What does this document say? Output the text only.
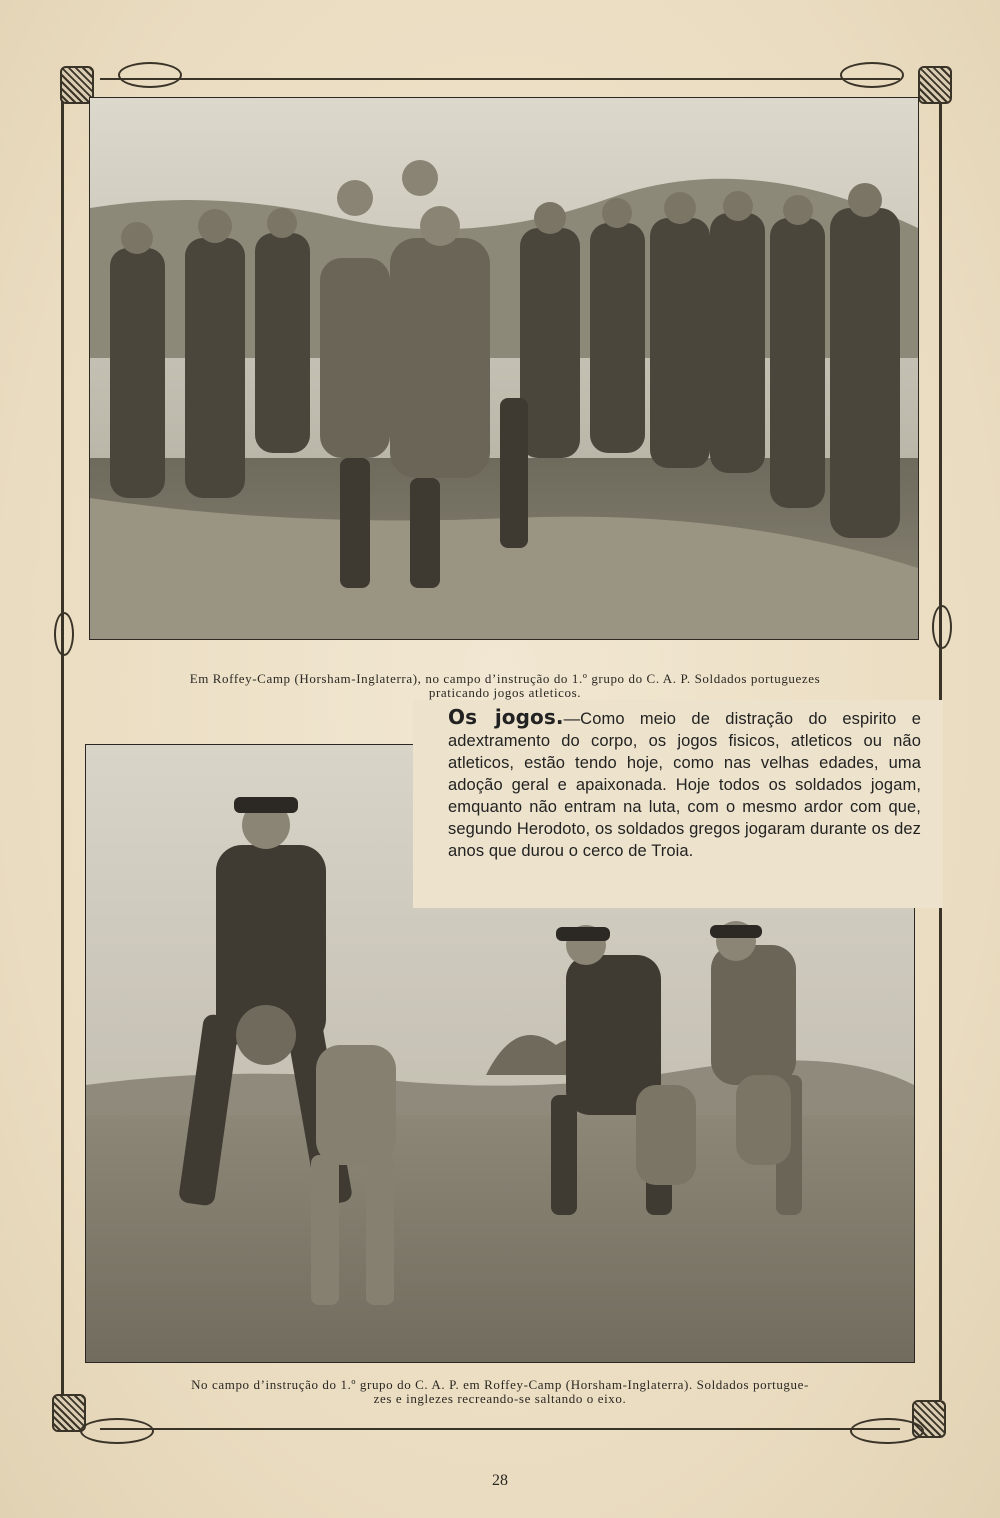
Em Roffey-Camp (Horsham-Inglaterra), no campo d’instrução do 1.º grupo do C. A. P. Soldados portuguezes
praticando jogos atleticos.
Os jogos.—Como meio de distração do espirito e adextramento do corpo, os jogos fisicos, atleticos ou não atleticos, estão tendo hoje, como nas velhas edades, uma adoção geral e apaixonada. Hoje todos os soldados jogam, emquanto não entram na luta, com o mesmo ardor com que, segundo Herodoto, os soldados gregos jogaram durante os dez anos que durou o cerco de Troia.
No campo d’instrução do 1.º grupo do C. A. P. em Roffey-Camp (Horsham-Inglaterra). Soldados portugue-
zes e inglezes recreando-se saltando o eixo.
28
